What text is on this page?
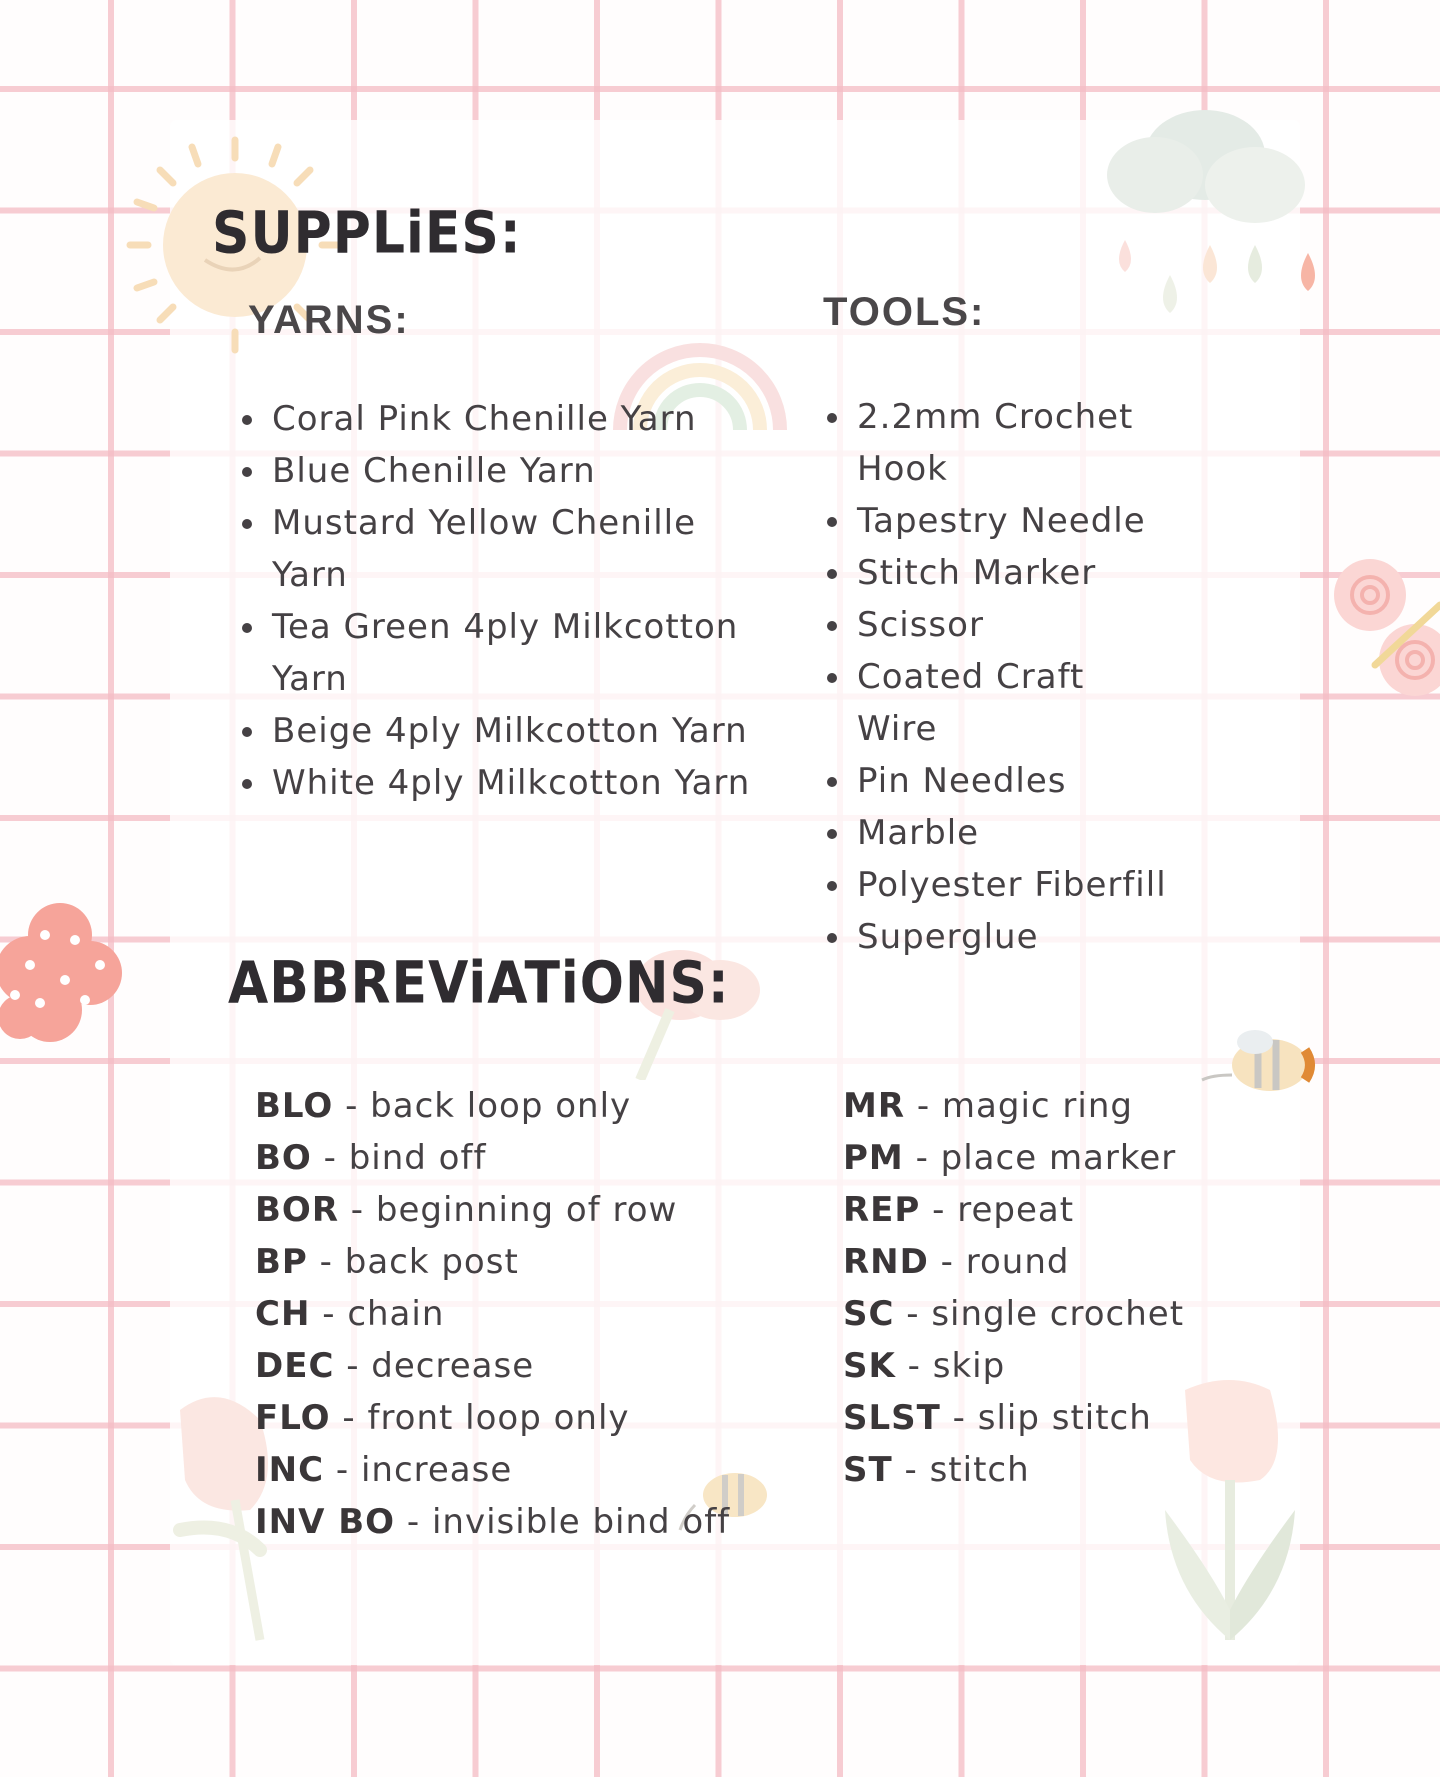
SUPPLiES:
YARNS:
Coral Pink Chenille Yarn
Blue Chenille Yarn
Mustard Yellow Chenille Yarn
Tea Green 4ply Milkcotton Yarn
Beige 4ply Milkcotton Yarn
White 4ply Milkcotton Yarn
TOOLS:
2.2mm Crochet Hook
Tapestry Needle
Stitch Marker
Scissor
Coated Craft Wire
Pin Needles
Marble
Polyester Fiberfill
Superglue
ABBREViATiONS:
BLO - back loop only
BO - bind off
BOR - beginning of row
BP - back post
CH - chain
DEC - decrease
FLO - front loop only
INC - increase
INV BO - invisible bind off
MR - magic ring
PM - place marker
REP - repeat
RND - round
SC - single crochet
SK - skip
SLST - slip stitch
ST - stitch
